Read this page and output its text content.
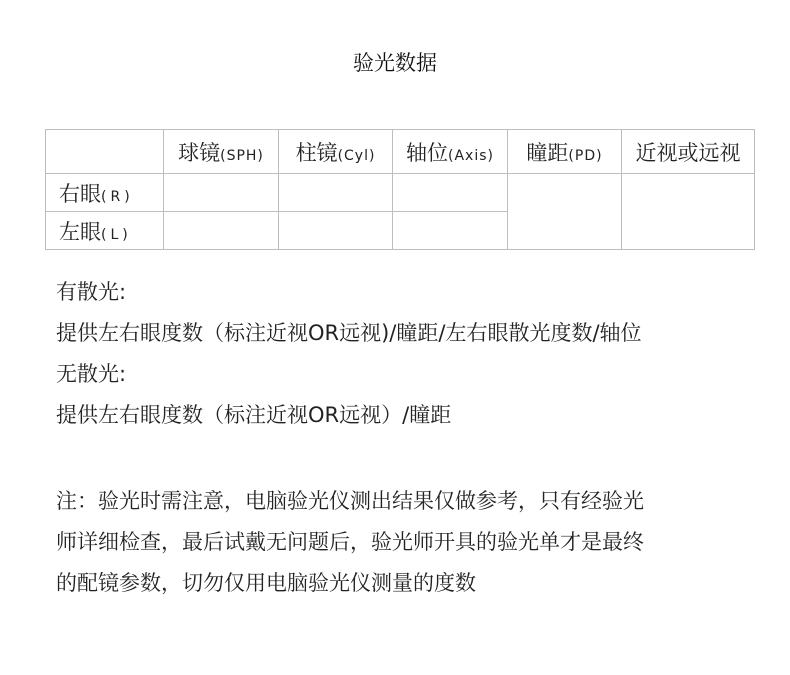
验光数据
	球镜(SPH)	柱镜(Cyl)	轴位(Axis)	瞳距(PD)	近视或远视
右眼(R)					
左眼(L)					
有散光:
提供左右眼度数（标注近视OR远视)/瞳距/左右眼散光度数/轴位
无散光:
提供左右眼度数（标注近视OR远视）/瞳距
注：验光时需注意，电脑验光仪测出结果仅做参考，只有经验光
师详细检查，最后试戴无问题后，验光师开具的验光单才是最终
的配镜参数，切勿仅用电脑验光仪测量的度数
